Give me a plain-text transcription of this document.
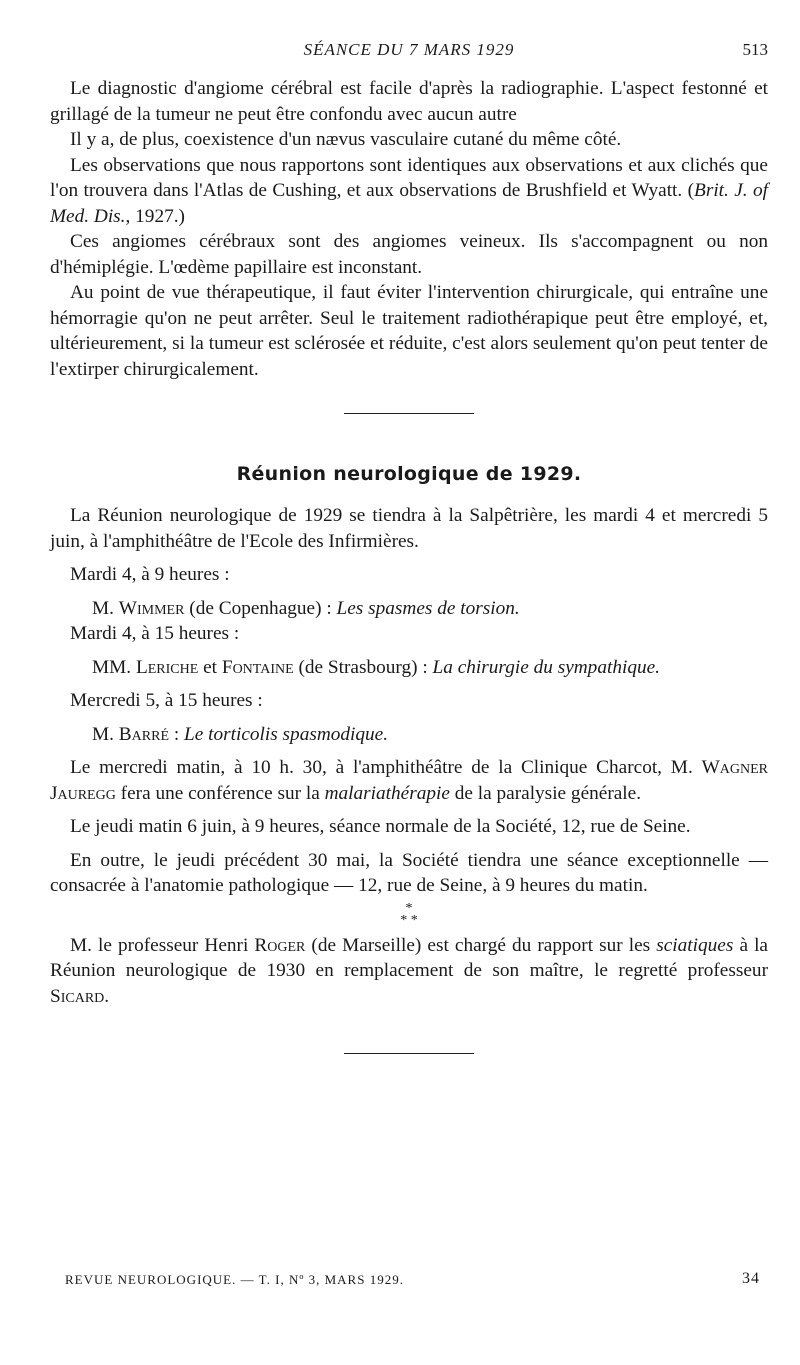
SÉANCE DU 7 MARS 1929	513

Le diagnostic d'angiome cérébral est facile d'après la radiographie. L'aspect festonné et grillagé de la tumeur ne peut être confondu avec aucun autre

Il y a, de plus, coexistence d'un nævus vasculaire cutané du même côté.

Les observations que nous rapportons sont identiques aux observations et aux clichés que l'on trouvera dans l'Atlas de Cushing, et aux observations de Brushfield et Wyatt. (Brit. J. of Med. Dis., 1927.)

Ces angiomes cérébraux sont des angiomes veineux. Ils s'accompagnent ou non d'hémiplégie. L'œdème papillaire est inconstant.

Au point de vue thérapeutique, il faut éviter l'intervention chirurgicale, qui entraîne une hémorragie qu'on ne peut arrêter. Seul le traitement radiothérapique peut être employé, et, ultérieurement, si la tumeur est sclérosée et réduite, c'est alors seulement qu'on peut tenter de l'extirper chirurgicalement.

Réunion neurologique de 1929.

La Réunion neurologique de 1929 se tiendra à la Salpêtrière, les mardi 4 et mercredi 5 juin, à l'amphithéâtre de l'Ecole des Infirmières.

Mardi 4, à 9 heures :

M. Wimmer (de Copenhague) : Les spasmes de torsion.

Mardi 4, à 15 heures :

MM. Leriche et Fontaine (de Strasbourg) : La chirurgie du sympathique.

Mercredi 5, à 15 heures :

M. Barré : Le torticolis spasmodique.

Le mercredi matin, à 10 h. 30, à l'amphithéâtre de la Clinique Charcot, M. Wagner Jauregg fera une conférence sur la malariathérapie de la paralysie générale.

Le jeudi matin 6 juin, à 9 heures, séance normale de la Société, 12, rue de Seine.

En outre, le jeudi précédent 30 mai, la Société tiendra une séance exceptionnelle — consacrée à l'anatomie pathologique — 12, rue de Seine, à 9 heures du matin.

*
* *

M. le professeur Henri Roger (de Marseille) est chargé du rapport sur les sciatiques à la Réunion neurologique de 1930 en remplacement de son maître, le regretté professeur Sicard.

REVUE NEUROLOGIQUE. — T. I, Nº 3, MARS 1929.	34
